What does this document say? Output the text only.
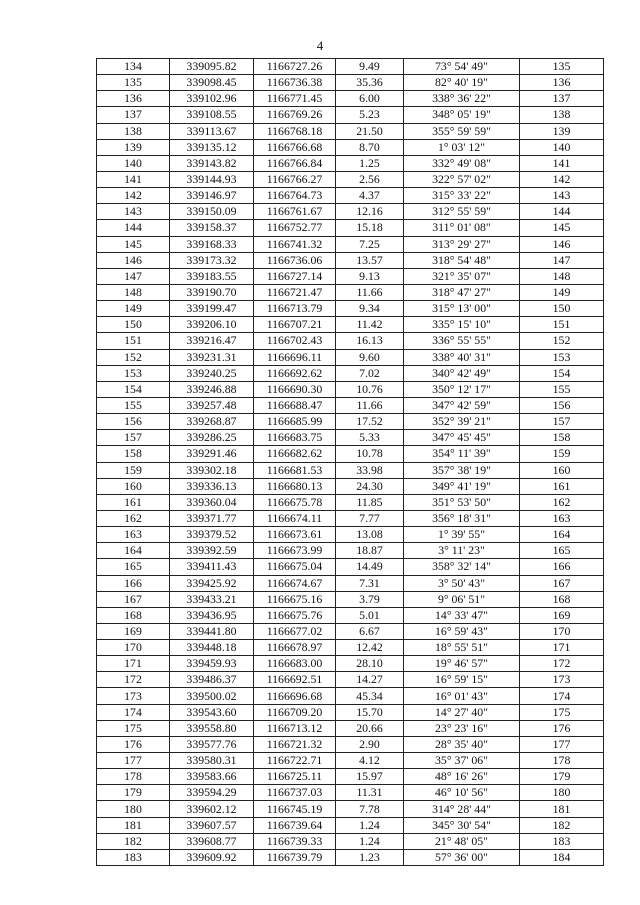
4
134	339095.82	1166727.26	9.49	73° 54' 49"	135
135	339098.45	1166736.38	35.36	82° 40' 19"	136
136	339102.96	1166771.45	6.00	338° 36' 22"	137
137	339108.55	1166769.26	5.23	348° 05' 19"	138
138	339113.67	1166768.18	21.50	355° 59' 59"	139
139	339135.12	1166766.68	8.70	1° 03' 12"	140
140	339143.82	1166766.84	1.25	332° 49' 08"	141
141	339144.93	1166766.27	2.56	322° 57' 02"	142
142	339146.97	1166764.73	4.37	315° 33' 22"	143
143	339150.09	1166761.67	12.16	312° 55' 59"	144
144	339158.37	1166752.77	15.18	311° 01' 08"	145
145	339168.33	1166741.32	7.25	313° 29' 27"	146
146	339173.32	1166736.06	13.57	318° 54' 48"	147
147	339183.55	1166727.14	9.13	321° 35' 07"	148
148	339190.70	1166721.47	11.66	318° 47' 27"	149
149	339199.47	1166713.79	9.34	315° 13' 00"	150
150	339206.10	1166707.21	11.42	335° 15' 10"	151
151	339216.47	1166702.43	16.13	336° 55' 55"	152
152	339231.31	1166696.11	9.60	338° 40' 31"	153
153	339240.25	1166692.62	7.02	340° 42' 49"	154
154	339246.88	1166690.30	10.76	350° 12' 17"	155
155	339257.48	1166688.47	11.66	347° 42' 59"	156
156	339268.87	1166685.99	17.52	352° 39' 21"	157
157	339286.25	1166683.75	5.33	347° 45' 45"	158
158	339291.46	1166682.62	10.78	354° 11' 39"	159
159	339302.18	1166681.53	33.98	357° 38' 19"	160
160	339336.13	1166680.13	24.30	349° 41' 19"	161
161	339360.04	1166675.78	11.85	351° 53' 50"	162
162	339371.77	1166674.11	7.77	356° 18' 31"	163
163	339379.52	1166673.61	13.08	1° 39' 55"	164
164	339392.59	1166673.99	18.87	3° 11' 23"	165
165	339411.43	1166675.04	14.49	358° 32' 14"	166
166	339425.92	1166674.67	7.31	3° 50' 43"	167
167	339433.21	1166675.16	3.79	9° 06' 51"	168
168	339436.95	1166675.76	5.01	14° 33' 47"	169
169	339441.80	1166677.02	6.67	16° 59' 43"	170
170	339448.18	1166678.97	12.42	18° 55' 51"	171
171	339459.93	1166683.00	28.10	19° 46' 57"	172
172	339486.37	1166692.51	14.27	16° 59' 15"	173
173	339500.02	1166696.68	45.34	16° 01' 43"	174
174	339543.60	1166709.20	15.70	14° 27' 40"	175
175	339558.80	1166713.12	20.66	23° 23' 16"	176
176	339577.76	1166721.32	2.90	28° 35' 40"	177
177	339580.31	1166722.71	4.12	35° 37' 06"	178
178	339583.66	1166725.11	15.97	48° 16' 26"	179
179	339594.29	1166737.03	11.31	46° 10' 56"	180
180	339602.12	1166745.19	7.78	314° 28' 44"	181
181	339607.57	1166739.64	1.24	345° 30' 54"	182
182	339608.77	1166739.33	1.24	21° 48' 05"	183
183	339609.92	1166739.79	1.23	57° 36' 00"	184
